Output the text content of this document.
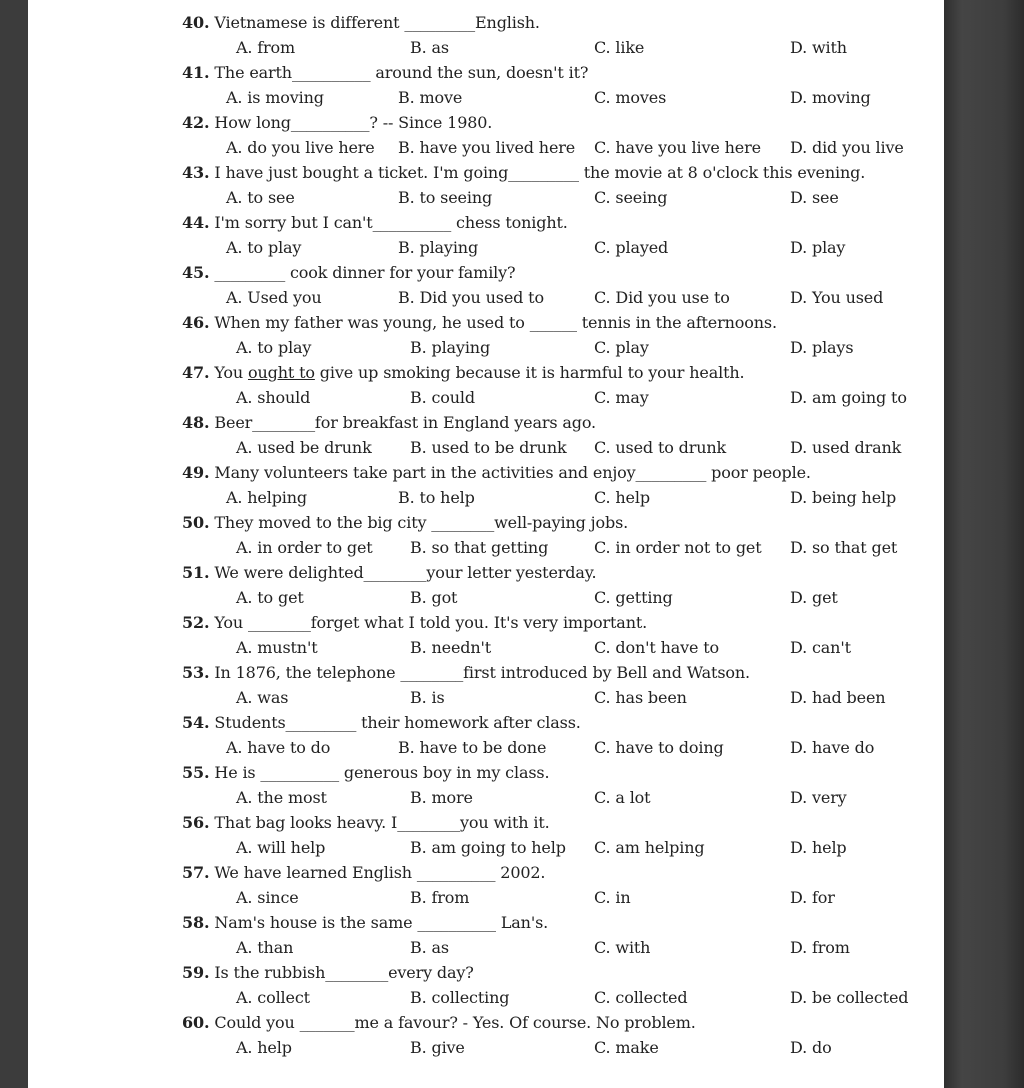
40. Vietnamese is different _________English.
A. from	B. as	C. like	D. with
41. The earth__________ around the sun, doesn't it?
A. is moving	B. move	C. moves	D. moving
42. How long__________? -- Since 1980.
A. do you live here B. have you lived here C. have you live here D. did you live
43. I have just bought a ticket. I'm going_________ the movie at 8 o'clock this evening.
A. to see	B. to seeing	C. seeing	D. see
44. I'm sorry but I can't__________ chess tonight.
A. to play	B. playing	C. played	D. play
45. _________ cook dinner for your family?
A. Used you	B. Did you used to	C. Did you use to	D. You used
46. When my father was young, he used to ______ tennis in the afternoons.
A. to play	B. playing	C. play	D. plays
47. You ought to give up smoking because it is harmful to your health.
A. should	B. could	C. may	D. am going to
48. Beer________for breakfast in England years ago.
A. used be drunk B. used to be drunk C. used to drunk	D. used drank
49. Many volunteers take part in the activities and enjoy_________ poor people.
A. helping	B. to help	C. help	D. being help
50. They moved to the big city ________well-paying jobs.
A. in order to get B. so that getting	C. in order not to get D. so that get
51. We were delighted________your letter yesterday.
A. to get	B. got	C. getting	D. get
52. You ________forget what I told you. It's very important.
A. mustn't	B. needn't	C. don't have to	D. can't
53. In 1876, the telephone ________first introduced by Bell and Watson.
A. was	B. is	C. has been	D. had been
54. Students_________ their homework after class.
A. have to do	B. have to be done	C. have to doing	D. have do
55. He is __________ generous boy in my class.
A. the most	B. more	C. a lot	D. very
56. That bag looks heavy. I________you with it.
A. will help	B. am going to help C. am helping	D. help
57. We have learned English __________ 2002.
A. since	B. from	C. in	D. for
58. Nam's house is the same __________ Lan's.
A. than	B. as	C. with	D. from
59. Is the rubbish________every day?
A. collect	B. collecting	C. collected	D. be collected
60. Could you _______me a favour? - Yes. Of course. No problem.
A. help	B. give	C. make	D. do
